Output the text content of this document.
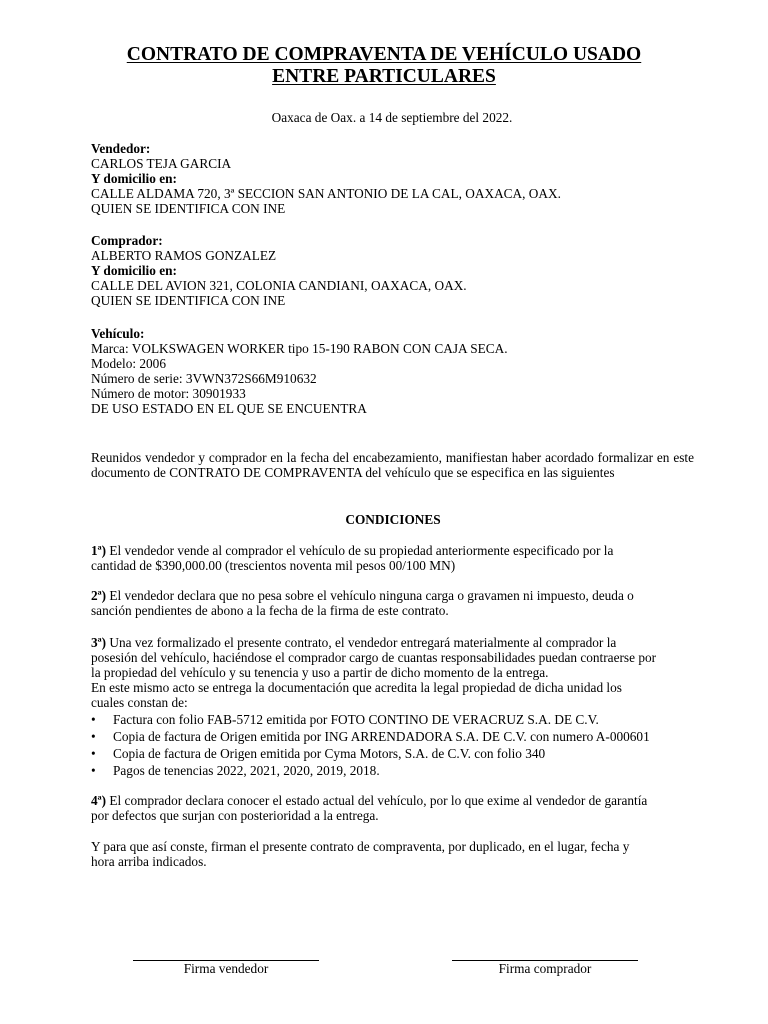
CONTRATO DE COMPRAVENTA DE VEHÍCULO USADO
ENTRE PARTICULARES
Oaxaca de Oax. a 14 de septiembre del 2022.
Vendedor:
CARLOS TEJA GARCIA
Y domicilio en:
CALLE ALDAMA 720, 3ª SECCION SAN ANTONIO DE LA CAL, OAXACA, OAX.
QUIEN SE IDENTIFICA CON INE
Comprador:
ALBERTO RAMOS GONZALEZ
Y domicilio en:
CALLE DEL AVION 321, COLONIA CANDIANI, OAXACA, OAX.
QUIEN SE IDENTIFICA CON INE
Vehículo:
Marca: VOLKSWAGEN WORKER tipo 15-190 RABON CON CAJA SECA.
Modelo: 2006
Número de serie: 3VWN372S66M910632
Número de motor: 30901933
DE USO ESTADO EN EL QUE SE ENCUENTRA
Reunidos vendedor y comprador en la fecha del encabezamiento, manifiestan haber acordado formalizar en este documento de CONTRATO DE COMPRAVENTA del vehículo que se especifica en las siguientes
CONDICIONES
1ª) El vendedor vende al comprador el vehículo de su propiedad anteriormente especificado por la
cantidad de $390,000.00 (trescientos noventa mil pesos 00/100 MN)
2ª) El vendedor declara que no pesa sobre el vehículo ninguna carga o gravamen ni impuesto, deuda o
sanción pendientes de abono a la fecha de la firma de este contrato.
3ª) Una vez formalizado el presente contrato, el vendedor entregará materialmente al comprador la
posesión del vehículo, haciéndose el comprador cargo de cuantas responsabilidades puedan contraerse por
la propiedad del vehículo y su tenencia y uso a partir de dicho momento de la entrega.
En este mismo acto se entrega la documentación que acredita la legal propiedad de dicha unidad los
cuales constan de:
• Factura con folio FAB-5712 emitida por FOTO CONTINO DE VERACRUZ S.A. DE C.V.
• Copia de factura de Origen emitida por ING ARRENDADORA S.A. DE C.V. con numero A-000601
• Copia de factura de Origen emitida por Cyma Motors, S.A. de C.V. con folio 340
• Pagos de tenencias 2022, 2021, 2020, 2019, 2018.
4ª) El comprador declara conocer el estado actual del vehículo, por lo que exime al vendedor de garantía
por defectos que surjan con posterioridad a la entrega.
Y para que así conste, firman el presente contrato de compraventa, por duplicado, en el lugar, fecha y
hora arriba indicados.
Firma vendedor	Firma comprador
